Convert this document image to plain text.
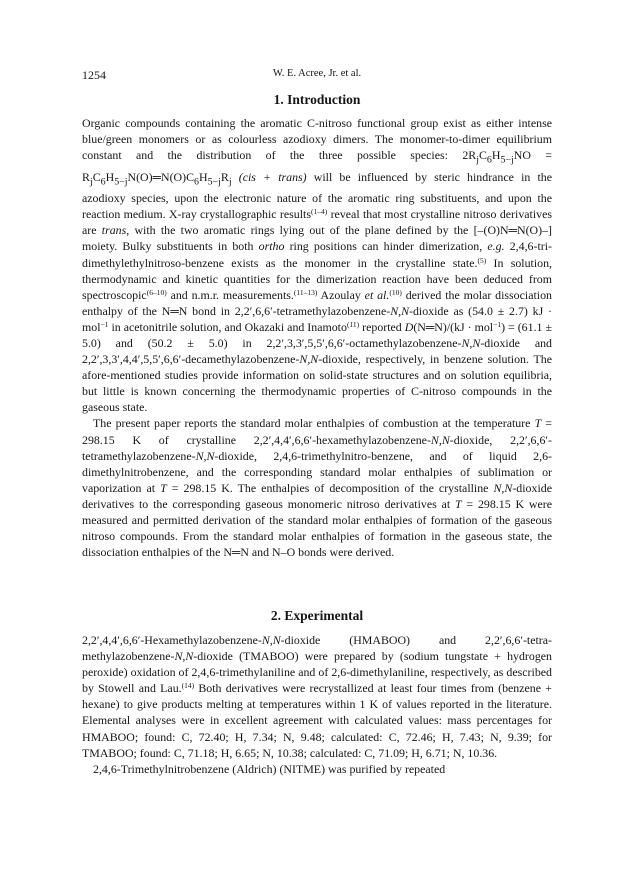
1254	W. E. Acree, Jr. et al.
1. Introduction

Organic compounds containing the aromatic C-nitroso functional group exist as either intense blue/green monomers or as colourless azodioxy dimers. The monomer-to-dimer equilibrium constant and the distribution of the three possible species: $2R_jC_6H_{5-j}NO$ = $R_jC_6H_{5-j}N(O)═N(O)C_6H_{5-j}R_j$ (cis + trans) will be influenced by steric hindrance in the azodioxy species, upon the electronic nature of the aromatic ring substituents, and upon the reaction medium. X-ray crystallographic results$^{(1-4)}$ reveal that most crystalline nitroso derivatives are trans, with the two aromatic rings lying out of the plane defined by the [–(O)N═N(O)–] moiety. Bulky substituents in both ortho ring positions can hinder dimerization, e.g. 2,4,6-tri-dimethylethylnitroso-benzene exists as the monomer in the crystalline state.$^{(5)}$ In solution, thermodynamic and kinetic quantities for the dimerization reaction have been deduced from spectroscopic$^{(6-10)}$ and n.m.r. measurements.$^{(11-13)}$ Azoulay et al.$^{(10)}$ derived the molar dissociation enthalpy of the N═N bond in 2,2′,6,6′-tetramethylazobenzene-N,N-dioxide as (54.0 ± 2.7) kJ · mol$^{-1}$ in acetonitrile solution, and Okazaki and Inamoto$^{(11)}$ reported D(N═N)/(kJ · mol$^{-1}$) = (61.1 ± 5.0) and (50.2 ± 5.0) in 2,2′,3,3′,5,5′,6,6′-octamethylazobenzene-N,N-dioxide and 2,2′,3,3′,4,4′,5,5′,6,6′-decamethylazobenzene-N,N-dioxide, respectively, in benzene solution. The afore-mentioned studies provide information on solid-state structures and on solution equilibria, but little is known concerning the thermodynamic properties of C-nitroso compounds in the gaseous state.

The present paper reports the standard molar enthalpies of combustion at the temperature T = 298.15 K of crystalline 2,2′,4,4′,6,6′-hexamethylazobenzene-N,N-dioxide, 2,2′,6,6′-tetramethylazobenzene-N,N-dioxide, 2,4,6-trimethylnitro-benzene, and of liquid 2,6-dimethylnitrobenzene, and the corresponding standard molar enthalpies of sublimation or vaporization at T = 298.15 K. The enthalpies of decomposition of the crystalline N,N-dioxide derivatives to the corresponding gaseous monomeric nitroso derivatives at T = 298.15 K were measured and permitted derivation of the standard molar enthalpies of formation of the gaseous nitroso compounds. From the standard molar enthalpies of formation in the gaseous state, the dissociation enthalpies of the N═N and N–O bonds were derived.

2. Experimental

2,2′,4,4′,6,6′-Hexamethylazobenzene-N,N-dioxide (HMABOO) and 2,2′,6,6′-tetra-methylazobenzene-N,N-dioxide (TMABOO) were prepared by (sodium tungstate + hydrogen peroxide) oxidation of 2,4,6-trimethylaniline and of 2,6-dimethylaniline, respectively, as described by Stowell and Lau.$^{(14)}$ Both derivatives were recrystallized at least four times from (benzene + hexane) to give products melting at temperatures within 1 K of values reported in the literature. Elemental analyses were in excellent agreement with calculated values: mass percentages for HMABOO; found: C, 72.40; H, 7.34; N, 9.48; calculated: C, 72.46; H, 7.43; N, 9.39; for TMABOO; found: C, 71.18; H, 6.65; N, 10.38; calculated: C, 71.09; H, 6.71; N, 10.36.

2,4,6-Trimethylnitrobenzene (Aldrich) (NITME) was purified by repeated
